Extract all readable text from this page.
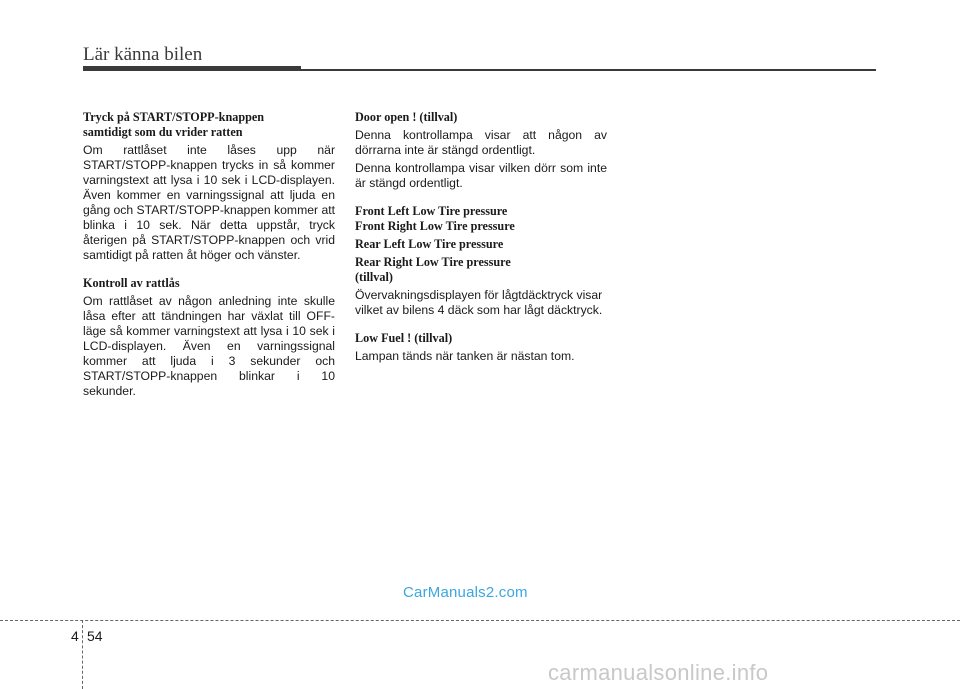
Lär känna bilen

Tryck på START/STOPP-knappen

samtidigt som du vrider ratten

Om rattlåset inte låses upp när START/STOPP-knappen trycks in så kommer varningstext att lysa i 10 sek i LCD-displayen. Även kommer en varningssignal att ljuda en gång och START/STOPP-knappen kommer att blinka i 10 sek. När detta uppstår, tryck återigen på START/STOPP-knappen och vrid samtidigt på ratten åt höger och vänster.

Kontroll av rattlås

Om rattlåset av någon anledning inte skulle låsa efter att tändningen har växlat till OFF-läge så kommer varningstext att lysa i 10 sek i LCD-displayen. Även en varningssignal kommer att ljuda i 3 sekunder och START/STOPP-knappen blinkar i 10 sekunder.

Door open ! (tillval)

Denna kontrollampa visar att någon av dörrarna inte är stängd ordentligt.

Denna kontrollampa visar vilken dörr som inte är stängd ordentligt.

Front Left Low Tire pressure

Front Right Low Tire pressure

Rear Left Low Tire pressure

Rear Right Low Tire pressure

(tillval)

Övervakningsdisplayen för lågtdäcktryck visar vilket av bilens 4 däck som har lågt däcktryck.

Low Fuel ! (tillval)

Lampan tänds när tanken är nästan tom.

CarManuals2.com
4 54
carmanualsonline.info
